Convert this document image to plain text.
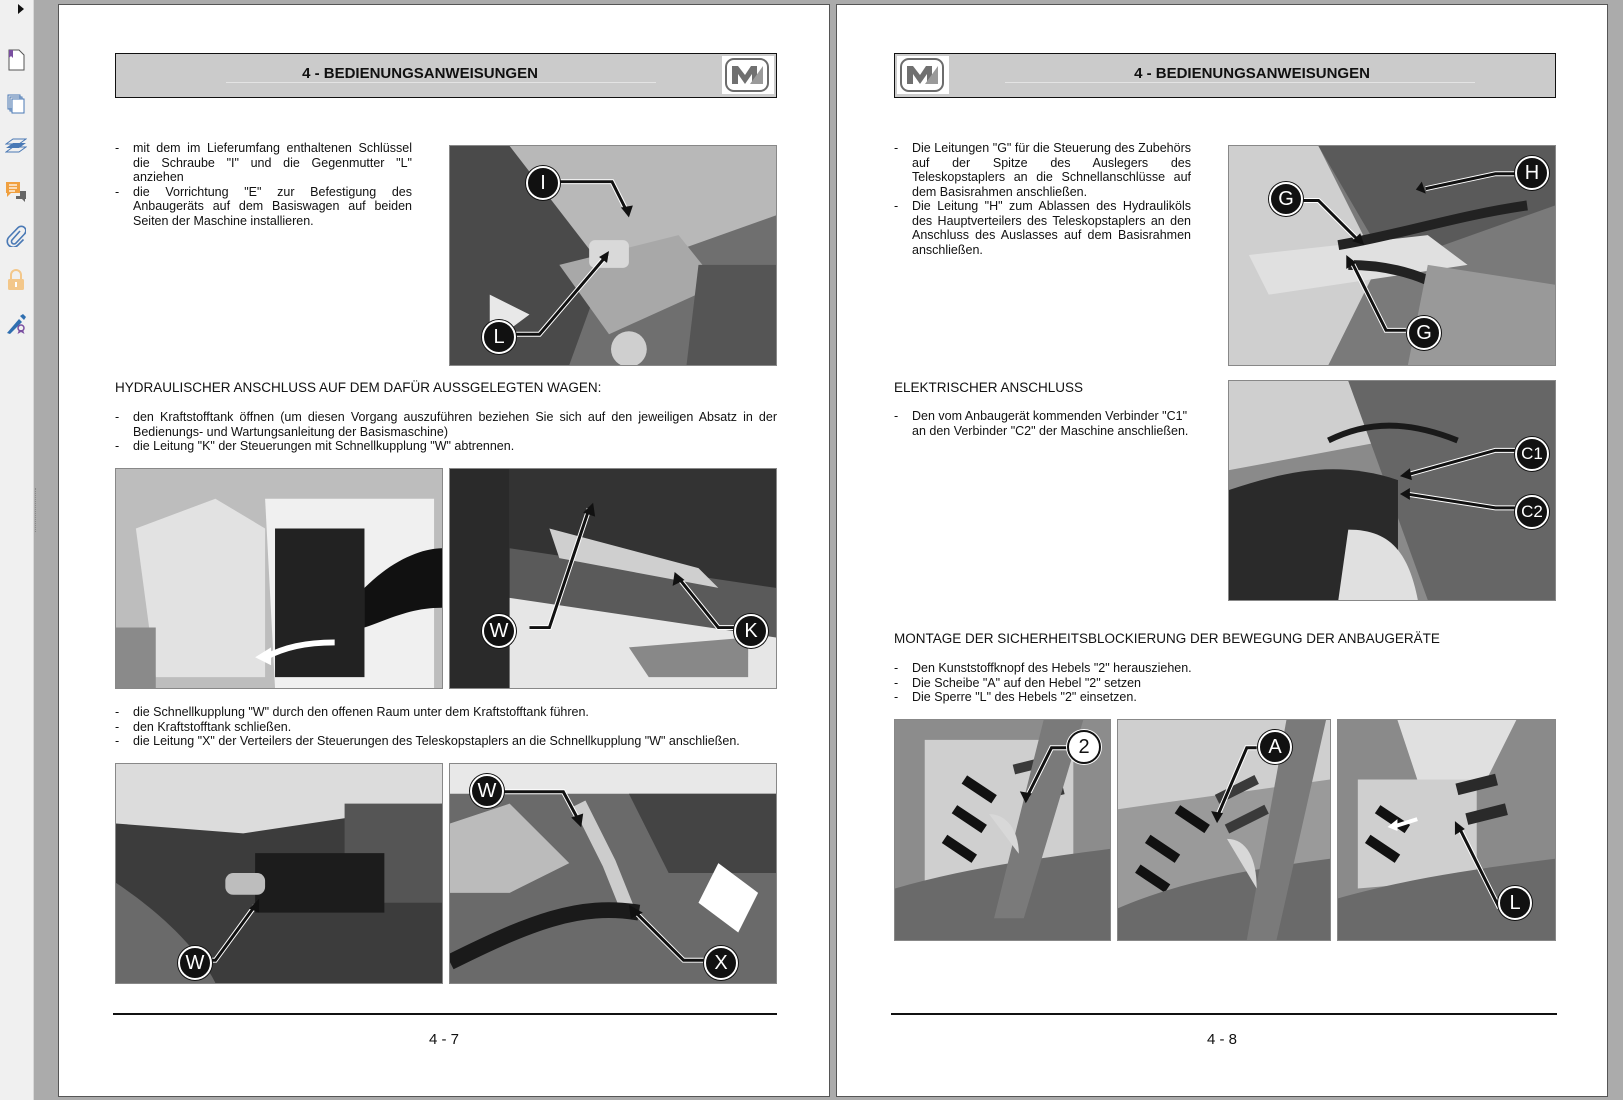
4 - BEDIENUNGSANWEISUNGEN
- mit dem im Lieferumfang enthaltenen Schlüssel die Schraube "I" und die Gegenmutter "L" anziehen
- die Vorrichtung "E" zur Befestigung des Anbaugeräts auf dem Basiswagen auf beiden Seiten der Maschine installieren.
I
L
HYDRAULISCHER ANSCHLUSS AUF DEM DAFÜR AUSSGELEGTEN WAGEN:
- den Kraftstofftank öffnen (um diesen Vorgang auszuführen beziehen Sie sich auf den jeweiligen Absatz in der Bedienungs- und Wartungsanleitung der Basismaschine)
- die Leitung "K" der Steuerungen mit Schnellkupplung "W" abtrennen.
W	K
- die Schnellkupplung "W" durch den offenen Raum unter dem Kraftstofftank führen.
- den Kraftstofftank schließen.
- die Leitung "X" der Verteilers der Steuerungen des Teleskopstaplers an die Schnellkupplung "W" anschließen.
W
W
X
4 - 7
4 - BEDIENUNGSANWEISUNGEN
- Die Leitungen "G" für die Steuerung des Zubehörs auf der Spitze des Auslegers des Teleskopstaplers an die Schnellanschlüsse auf dem Basisrahmen anschließen.
- Die Leitung "H" zum Ablassen des Hydrauliköls des Hauptverteilers des Teleskopstaplers an den Anschluss des Auslasses auf dem Basisrahmen anschließen.
G
H
G
ELEKTRISCHER ANSCHLUSS
- Den vom Anbaugerät kommenden Verbinder "C1" an den Verbinder "C2" der Maschine anschließen.
C1
C2
MONTAGE DER SICHERHEITSBLOCKIERUNG DER BEWEGUNG DER ANBAUGERÄTE
- Den Kunststoffknopf des Hebels "2" herausziehen.
- Die Scheibe "A" auf den Hebel "2" setzen
- Die Sperre "L" des Hebels "2" einsetzen.
2	A
L
4 - 8
